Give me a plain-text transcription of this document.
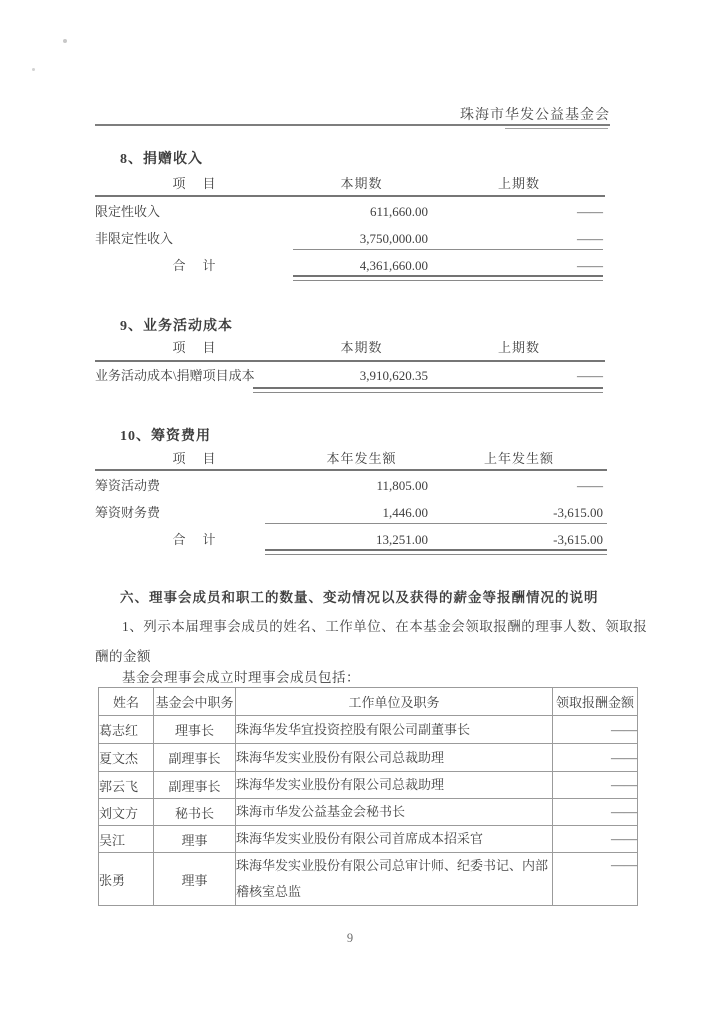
珠海市华发公益基金会
8、捐赠收入
项　目	本期数	上期数
限定性收入	611,660.00	——
非限定性收入	3,750,000.00	——
合　计	4,361,660.00	——
9、业务活动成本
项　目	本期数	上期数
业务活动成本\捐赠项目成本	3,910,620.35	——
10、筹资费用
项　目	本年发生额	上年发生额
筹资活动费	11,805.00	——
筹资财务费	1,446.00	-3,615.00
合　计	13,251.00	-3,615.00
六、理事会成员和职工的数量、变动情况以及获得的薪金等报酬情况的说明
1、列示本届理事会成员的姓名、工作单位、在本基金会领取报酬的理事人数、领取报
酬的金额
基金会理事会成立时理事会成员包括：
姓名	基金会中职务	工作单位及职务	领取报酬金额
葛志红	理事长	珠海华发华宜投资控股有限公司副董事长	——
夏文杰	副理事长	珠海华发实业股份有限公司总裁助理	——
郭云飞	副理事长	珠海华发实业股份有限公司总裁助理	——
刘文方	秘书长	珠海市华发公益基金会秘书长	——
吴江	理事	珠海华发实业股份有限公司首席成本招采官	——
张勇	理事	珠海华发实业股份有限公司总审计师、纪委书记、内部稽核室总监	——
9
